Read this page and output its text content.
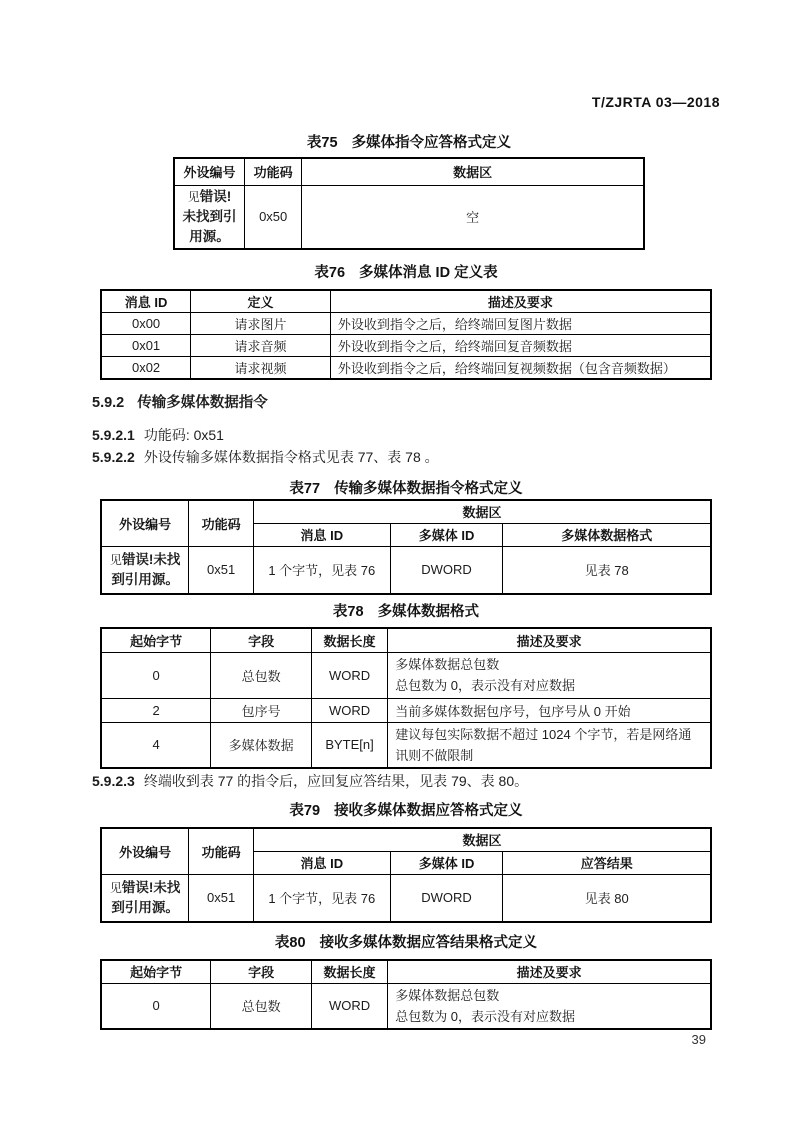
T/ZJRTA 03—2018
表75 多媒体指令应答格式定义
外设编号	功能码	数据区

见错误!
未找到引
用源。	0x50	空
表76 多媒体消息 ID 定义表
消息 ID	定义	描述及要求
0x00	请求图片	外设收到指令之后，给终端回复图片数据
0x01	请求音频	外设收到指令之后，给终端回复音频数据
0x02	请求视频	外设收到指令之后，给终端回复视频数据（包含音频数据）
5.9.2 传输多媒体数据指令
5.9.2.1 功能码: 0x51
5.9.2.2 外设传输多媒体数据指令格式见表 77、表 78 。
表77 传输多媒体数据指令格式定义
外设编号	功能码	数据区		
		消息 ID	多媒体 ID	多媒体数据格式

见错误!未找
到引用源。	0x51	1 个字节，见表 76	DWORD	见表 78
表78 多媒体数据格式
起始字节	字段	数据长度	描述及要求
0	总包数	WORD	多媒体数据总包数
总包数为 0，表示没有对应数据

2	包序号	WORD	当前多媒体数据包序号，包序号从 0 开始
4	多媒体数据	BYTE[n]	建议每包实际数据不超过 1024 个字节，若是网络通讯则不做限制
5.9.2.3 终端收到表 77 的指令后，应回复应答结果，见表 79、表 80。
表79 接收多媒体数据应答格式定义
外设编号	功能码	数据区		
		消息 ID	多媒体 ID	应答结果

见错误!未找
到引用源。	0x51	1 个字节，见表 76	DWORD	见表 80
表80 接收多媒体数据应答结果格式定义
起始字节	字段	数据长度	描述及要求
0	总包数	WORD	多媒体数据总包数
总包数为 0，表示没有对应数据
39
